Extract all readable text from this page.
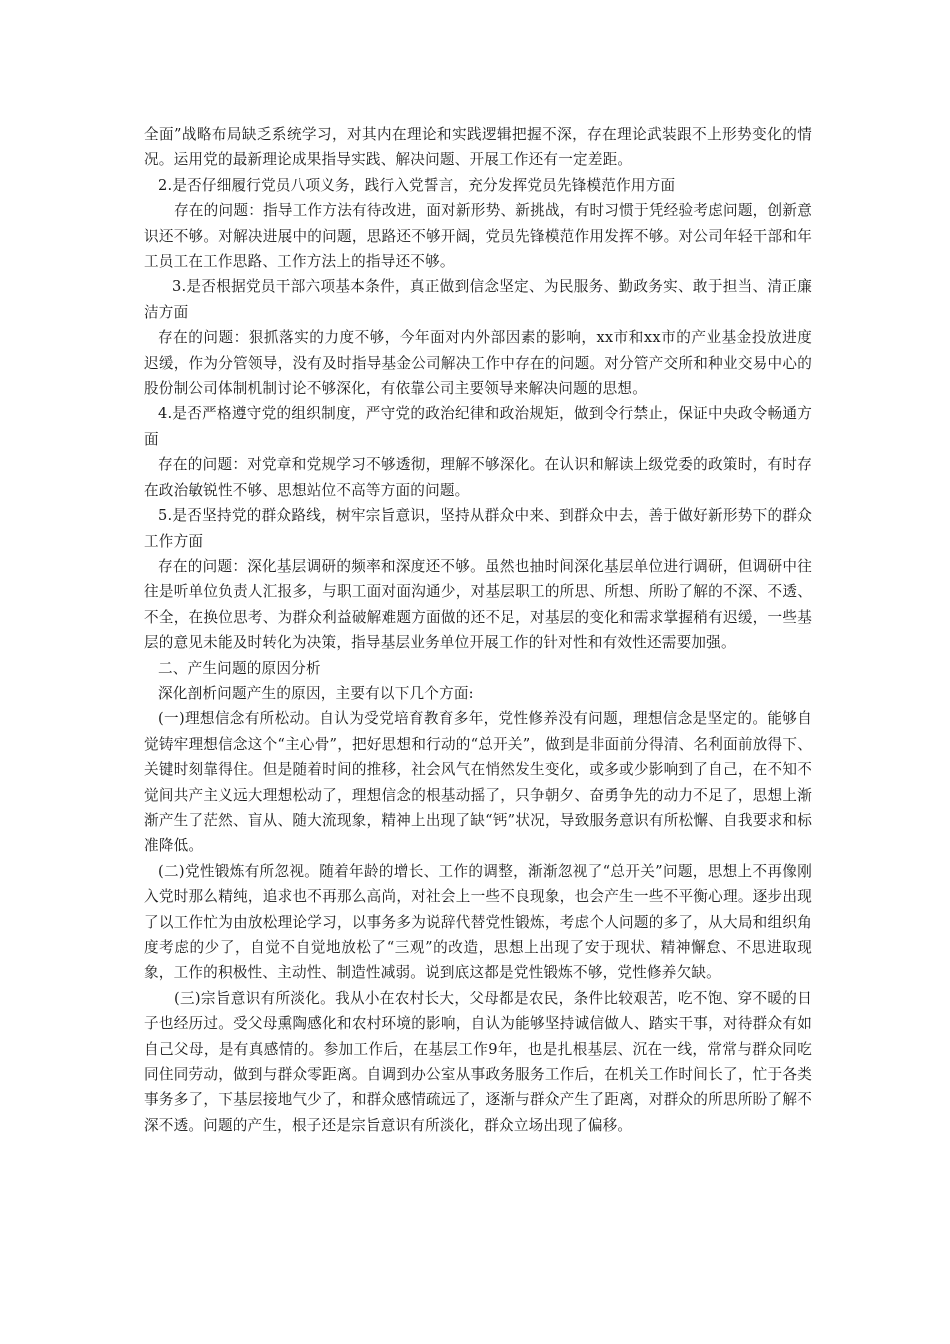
全面”战略布局缺乏系统学习，对其内在理论和实践逻辑把握不深，存在理论武装跟不上形势变化的情况。运用党的最新理论成果指导实践、解决问题、开展工作还有一定差距。

2.是否仔细履行党员八项义务，践行入党誓言，充分发挥党员先锋模范作用方面

存在的问题：指导工作方法有待改进，面对新形势、新挑战，有时习惯于凭经验考虑问题，创新意识还不够。对解决进展中的问题，思路还不够开阔，党员先锋模范作用发挥不够。对公司年轻干部和年工员工在工作思路、工作方法上的指导还不够。

3.是否根据党员干部六项基本条件，真正做到信念坚定、为民服务、勤政务实、敢于担当、清正廉洁方面

存在的问题：狠抓落实的力度不够，今年面对内外部因素的影响，xx市和xx市的产业基金投放进度迟缓，作为分管领导，没有及时指导基金公司解决工作中存在的问题。对分管产交所和种业交易中心的股份制公司体制机制讨论不够深化，有依靠公司主要领导来解决问题的思想。

4.是否严格遵守党的组织制度，严守党的政治纪律和政治规矩，做到令行禁止，保证中央政令畅通方面

存在的问题：对党章和党规学习不够透彻，理解不够深化。在认识和解读上级党委的政策时，有时存在政治敏锐性不够、思想站位不高等方面的问题。

5.是否坚持党的群众路线，树牢宗旨意识，坚持从群众中来、到群众中去，善于做好新形势下的群众工作方面

存在的问题：深化基层调研的频率和深度还不够。虽然也抽时间深化基层单位进行调研，但调研中往往是听单位负责人汇报多，与职工面对面沟通少，对基层职工的所思、所想、所盼了解的不深、不透、不全，在换位思考、为群众利益破解难题方面做的还不足，对基层的变化和需求掌握稍有迟缓，一些基层的意见未能及时转化为决策，指导基层业务单位开展工作的针对性和有效性还需要加强。

二、产生问题的原因分析

深化剖析问题产生的原因，主要有以下几个方面:

(一)理想信念有所松动。自认为受党培育教育多年，党性修养没有问题，理想信念是坚定的。能够自觉铸牢理想信念这个“主心骨”，把好思想和行动的“总开关”，做到是非面前分得清、名利面前放得下、关键时刻靠得住。但是随着时间的推移，社会风气在悄然发生变化，或多或少影响到了自己，在不知不觉间共产主义远大理想松动了，理想信念的根基动摇了，只争朝夕、奋勇争先的动力不足了，思想上渐渐产生了茫然、盲从、随大流现象，精神上出现了缺“钙”状况，导致服务意识有所松懈、自我要求和标准降低。

(二)党性锻炼有所忽视。随着年龄的增长、工作的调整，渐渐忽视了“总开关”问题，思想上不再像刚入党时那么精纯，追求也不再那么高尚，对社会上一些不良现象，也会产生一些不平衡心理。逐步出现了以工作忙为由放松理论学习，以事务多为说辞代替党性锻炼，考虑个人问题的多了，从大局和组织角度考虑的少了，自觉不自觉地放松了“三观”的改造，思想上出现了安于现状、精神懈怠、不思进取现象，工作的积极性、主动性、制造性减弱。说到底这都是党性锻炼不够，党性修养欠缺。

(三)宗旨意识有所淡化。我从小在农村长大，父母都是农民，条件比较艰苦，吃不饱、穿不暖的日子也经历过。受父母熏陶感化和农村环境的影响，自认为能够坚持诚信做人、踏实干事，对待群众有如自己父母，是有真感情的。参加工作后，在基层工作9年，也是扎根基层、沉在一线，常常与群众同吃同住同劳动，做到与群众零距离。自调到办公室从事政务服务工作后，在机关工作时间长了，忙于各类事务多了，下基层接地气少了，和群众感情疏远了，逐渐与群众产生了距离，对群众的所思所盼了解不深不透。问题的产生，根子还是宗旨意识有所淡化，群众立场出现了偏移。
